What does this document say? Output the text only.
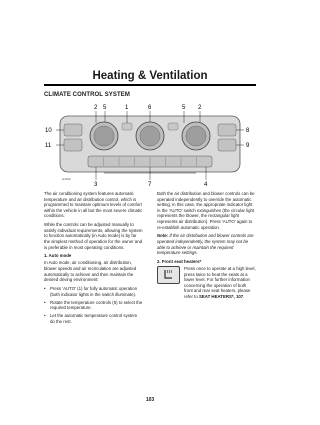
Heating & Ventilation
CLIMATE CONTROL SYSTEM
2 5	1	6	5 2
10
11
8
9
3	7	4
H4610

The air conditioning system features automatic temperature and air distribution control, which is programmed to maintain optimum levels of comfort within the vehicle in all but the most severe climatic conditions.

While the controls can be adjusted manually to satisfy individual requirements, allowing the system to function automatically (in Auto mode) is by far the simplest method of operation for the owner and is preferable in most operating conditions.

1. Auto mode

In Auto mode, air conditioning, air distribution, blower speeds and air recirculation are adjusted automatically to achieve and then maintain the desired driving environment:

• Press 'AUTO' (1) for fully automatic operation (both indicator lights in the switch illuminate).
• Rotate the temperature controls (5) to select the required temperature.
• Let the automatic temperature control system do the rest.

Both the air distribution and blower controls can be operated independently to override the automatic setting; in this case, the appropriate indicator light in the 'AUTO' switch extinguishes (the circular light represents the blower, the rectangular light represents air distribution). Press 'AUTO' again to re-establish automatic operation.

Note: If the air distribution and blower controls are operated independently, the system may not be able to achieve or maintain the required temperature settings.

2. Front seat heaters*
Press once to operate at a high level, press twice to heat the seats at a lower level. For further information concerning the operation of both front and rear seat heaters, please refer to SEAT HEATERS*, 107.
103
